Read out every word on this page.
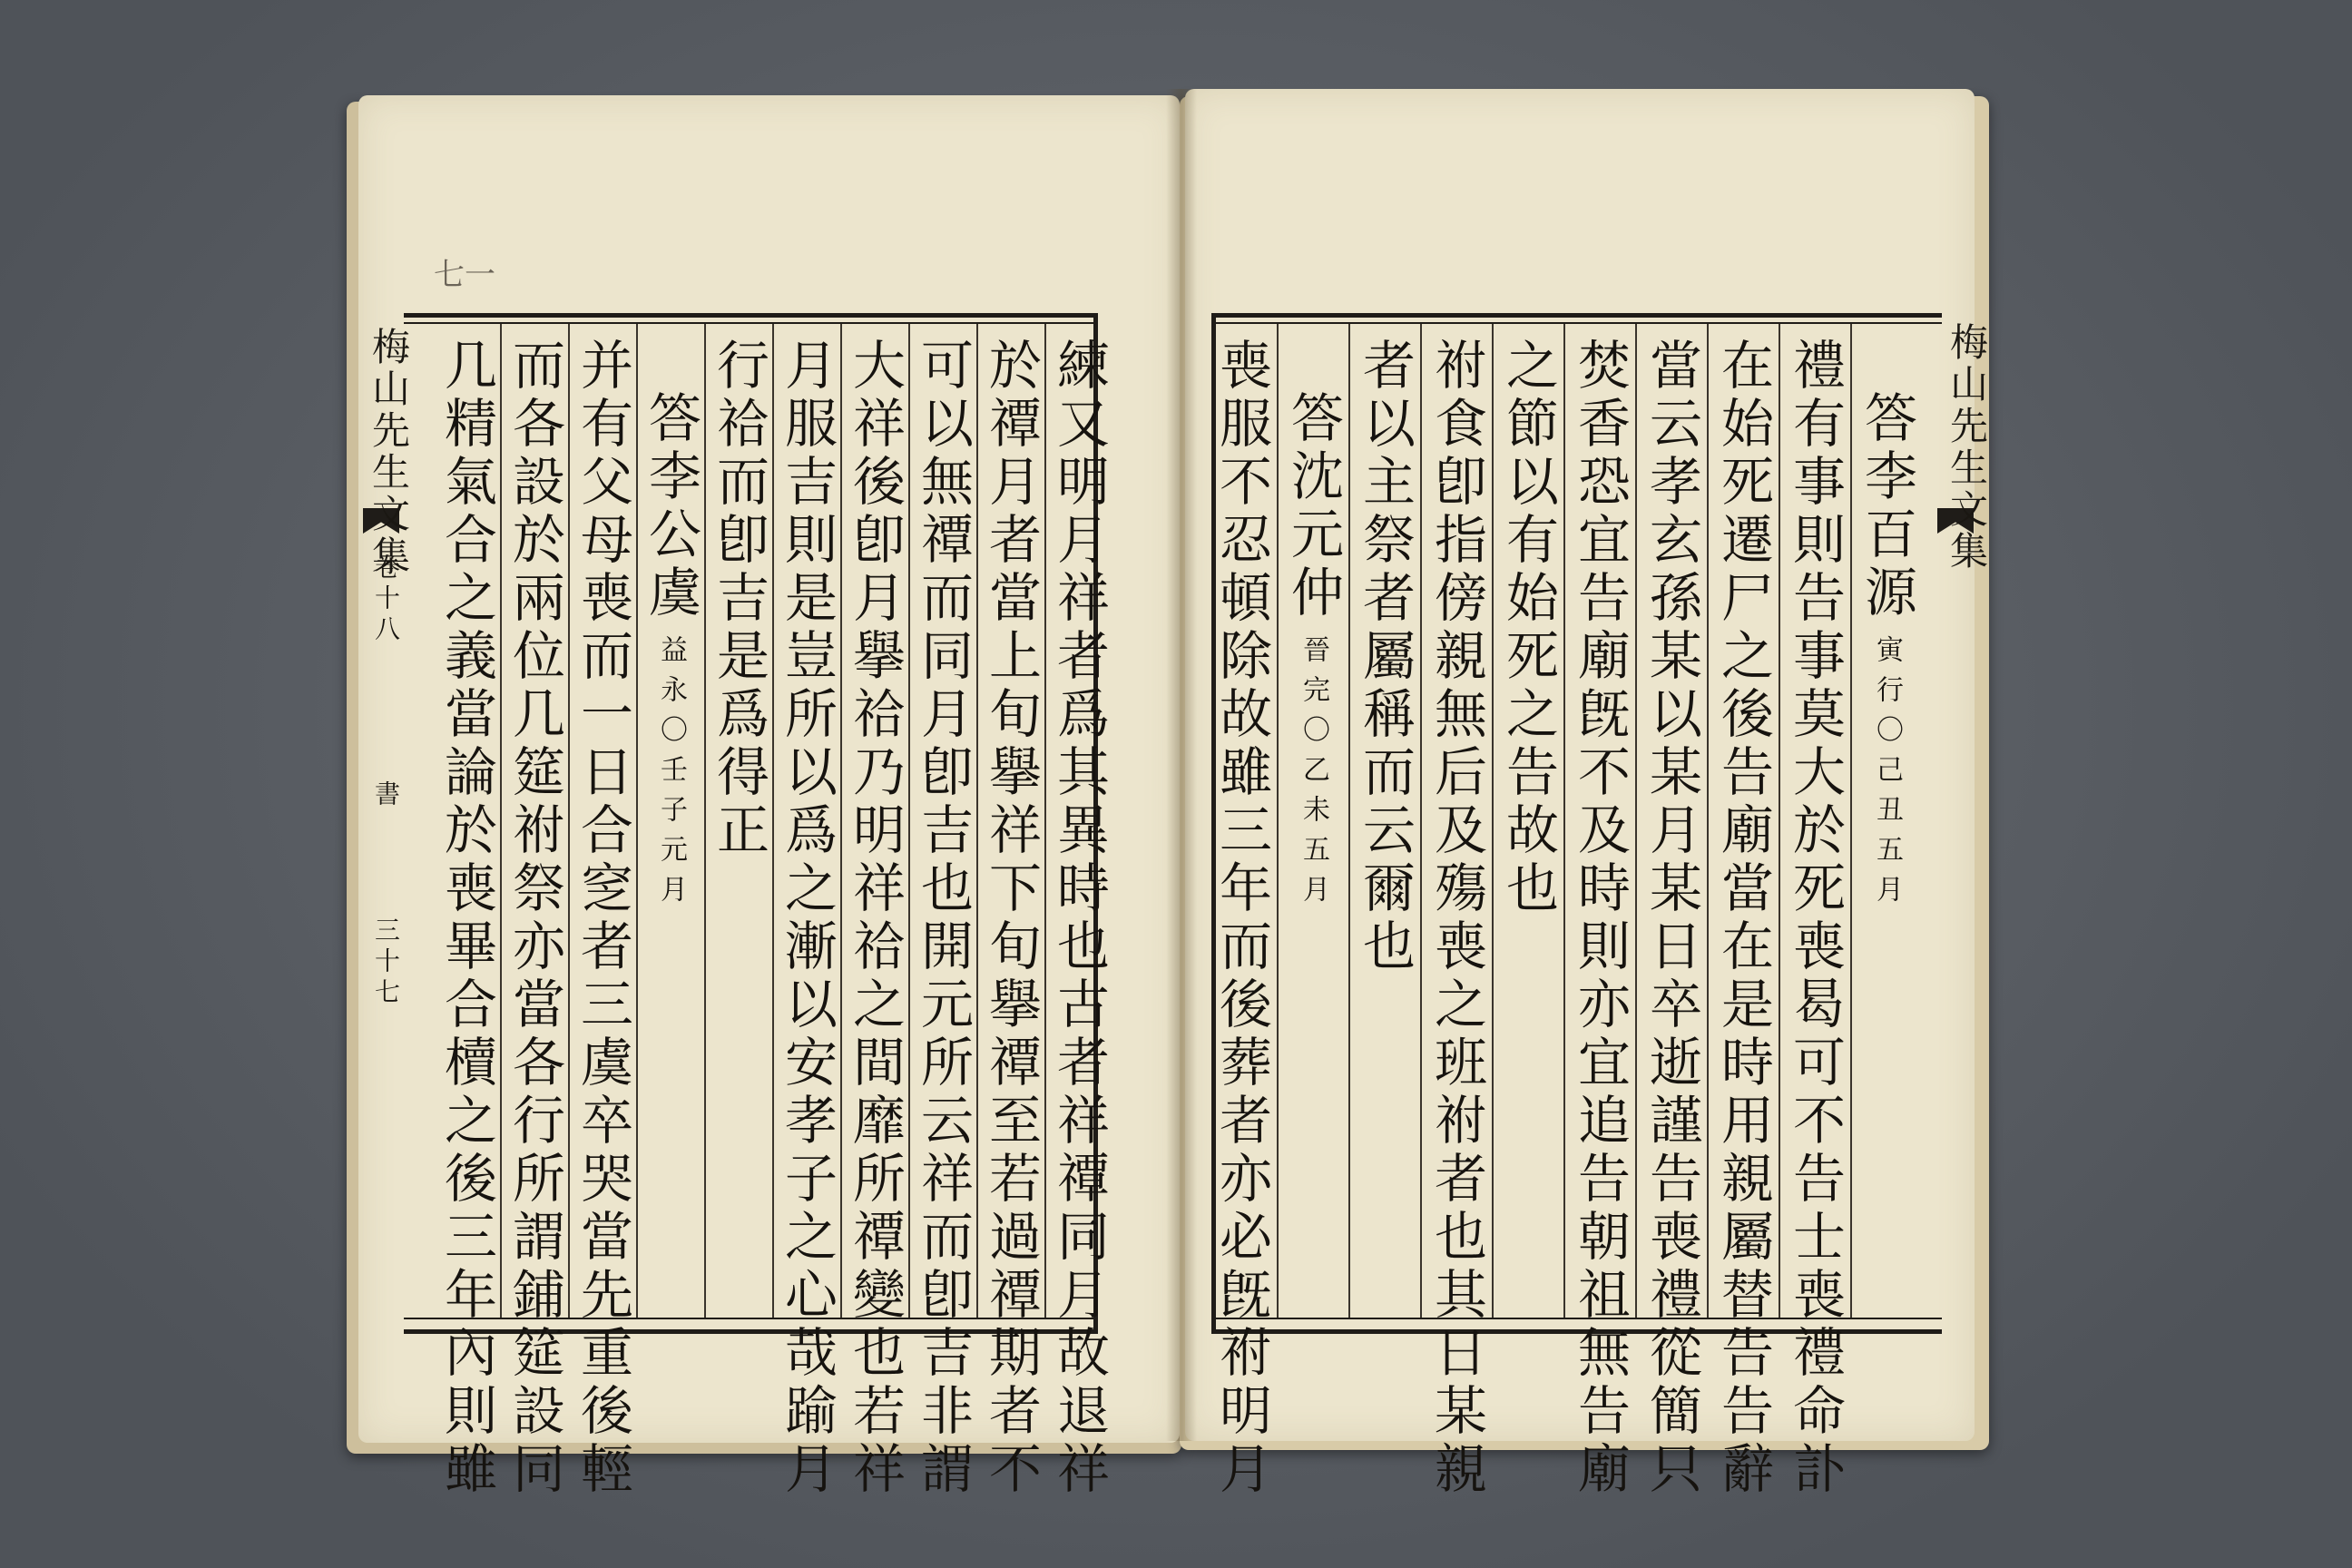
梅山先生文集
卷十八
書
三十七
七一
梅山先生文集
答李百源寅行〇己丑五月
禮有事則告事莫大於死喪曷可不告士喪禮命訃
在始死遷尸之後告廟當在是時用親屬替告告辭
當云孝玄孫某以某月某日卒逝謹告喪禮從簡只
焚香恐宜告廟旣不及時則亦宜追告朝祖無告廟
之節以有始死之告故也
祔食卽指傍親無后及殤喪之班祔者也其日某親
者以主祭者屬稱而云爾也
答沈元仲晉完〇乙未五月
喪服不忍頓除故雖三年而後葬者亦必旣祔明月
練又明月祥者爲其異時也古者祥禫同月故退祥
於禫月者當上旬擧祥下旬擧禫至若過禫期者不
可以無禫而同月卽吉也開元所云祥而卽吉非謂
大祥後卽月擧祫乃明祥祫之間靡所禫變也若祥
月服吉則是豈所以爲之漸以安孝子之心哉踰月
行祫而卽吉是爲得正
答李公虞益永〇壬子元月
并有父母喪而一日合窆者三虞卒哭當先重後輕
而各設於兩位几筵祔祭亦當各行所謂鋪筵設同
几精氣合之義當論於喪畢合櫝之後三年內則雖
